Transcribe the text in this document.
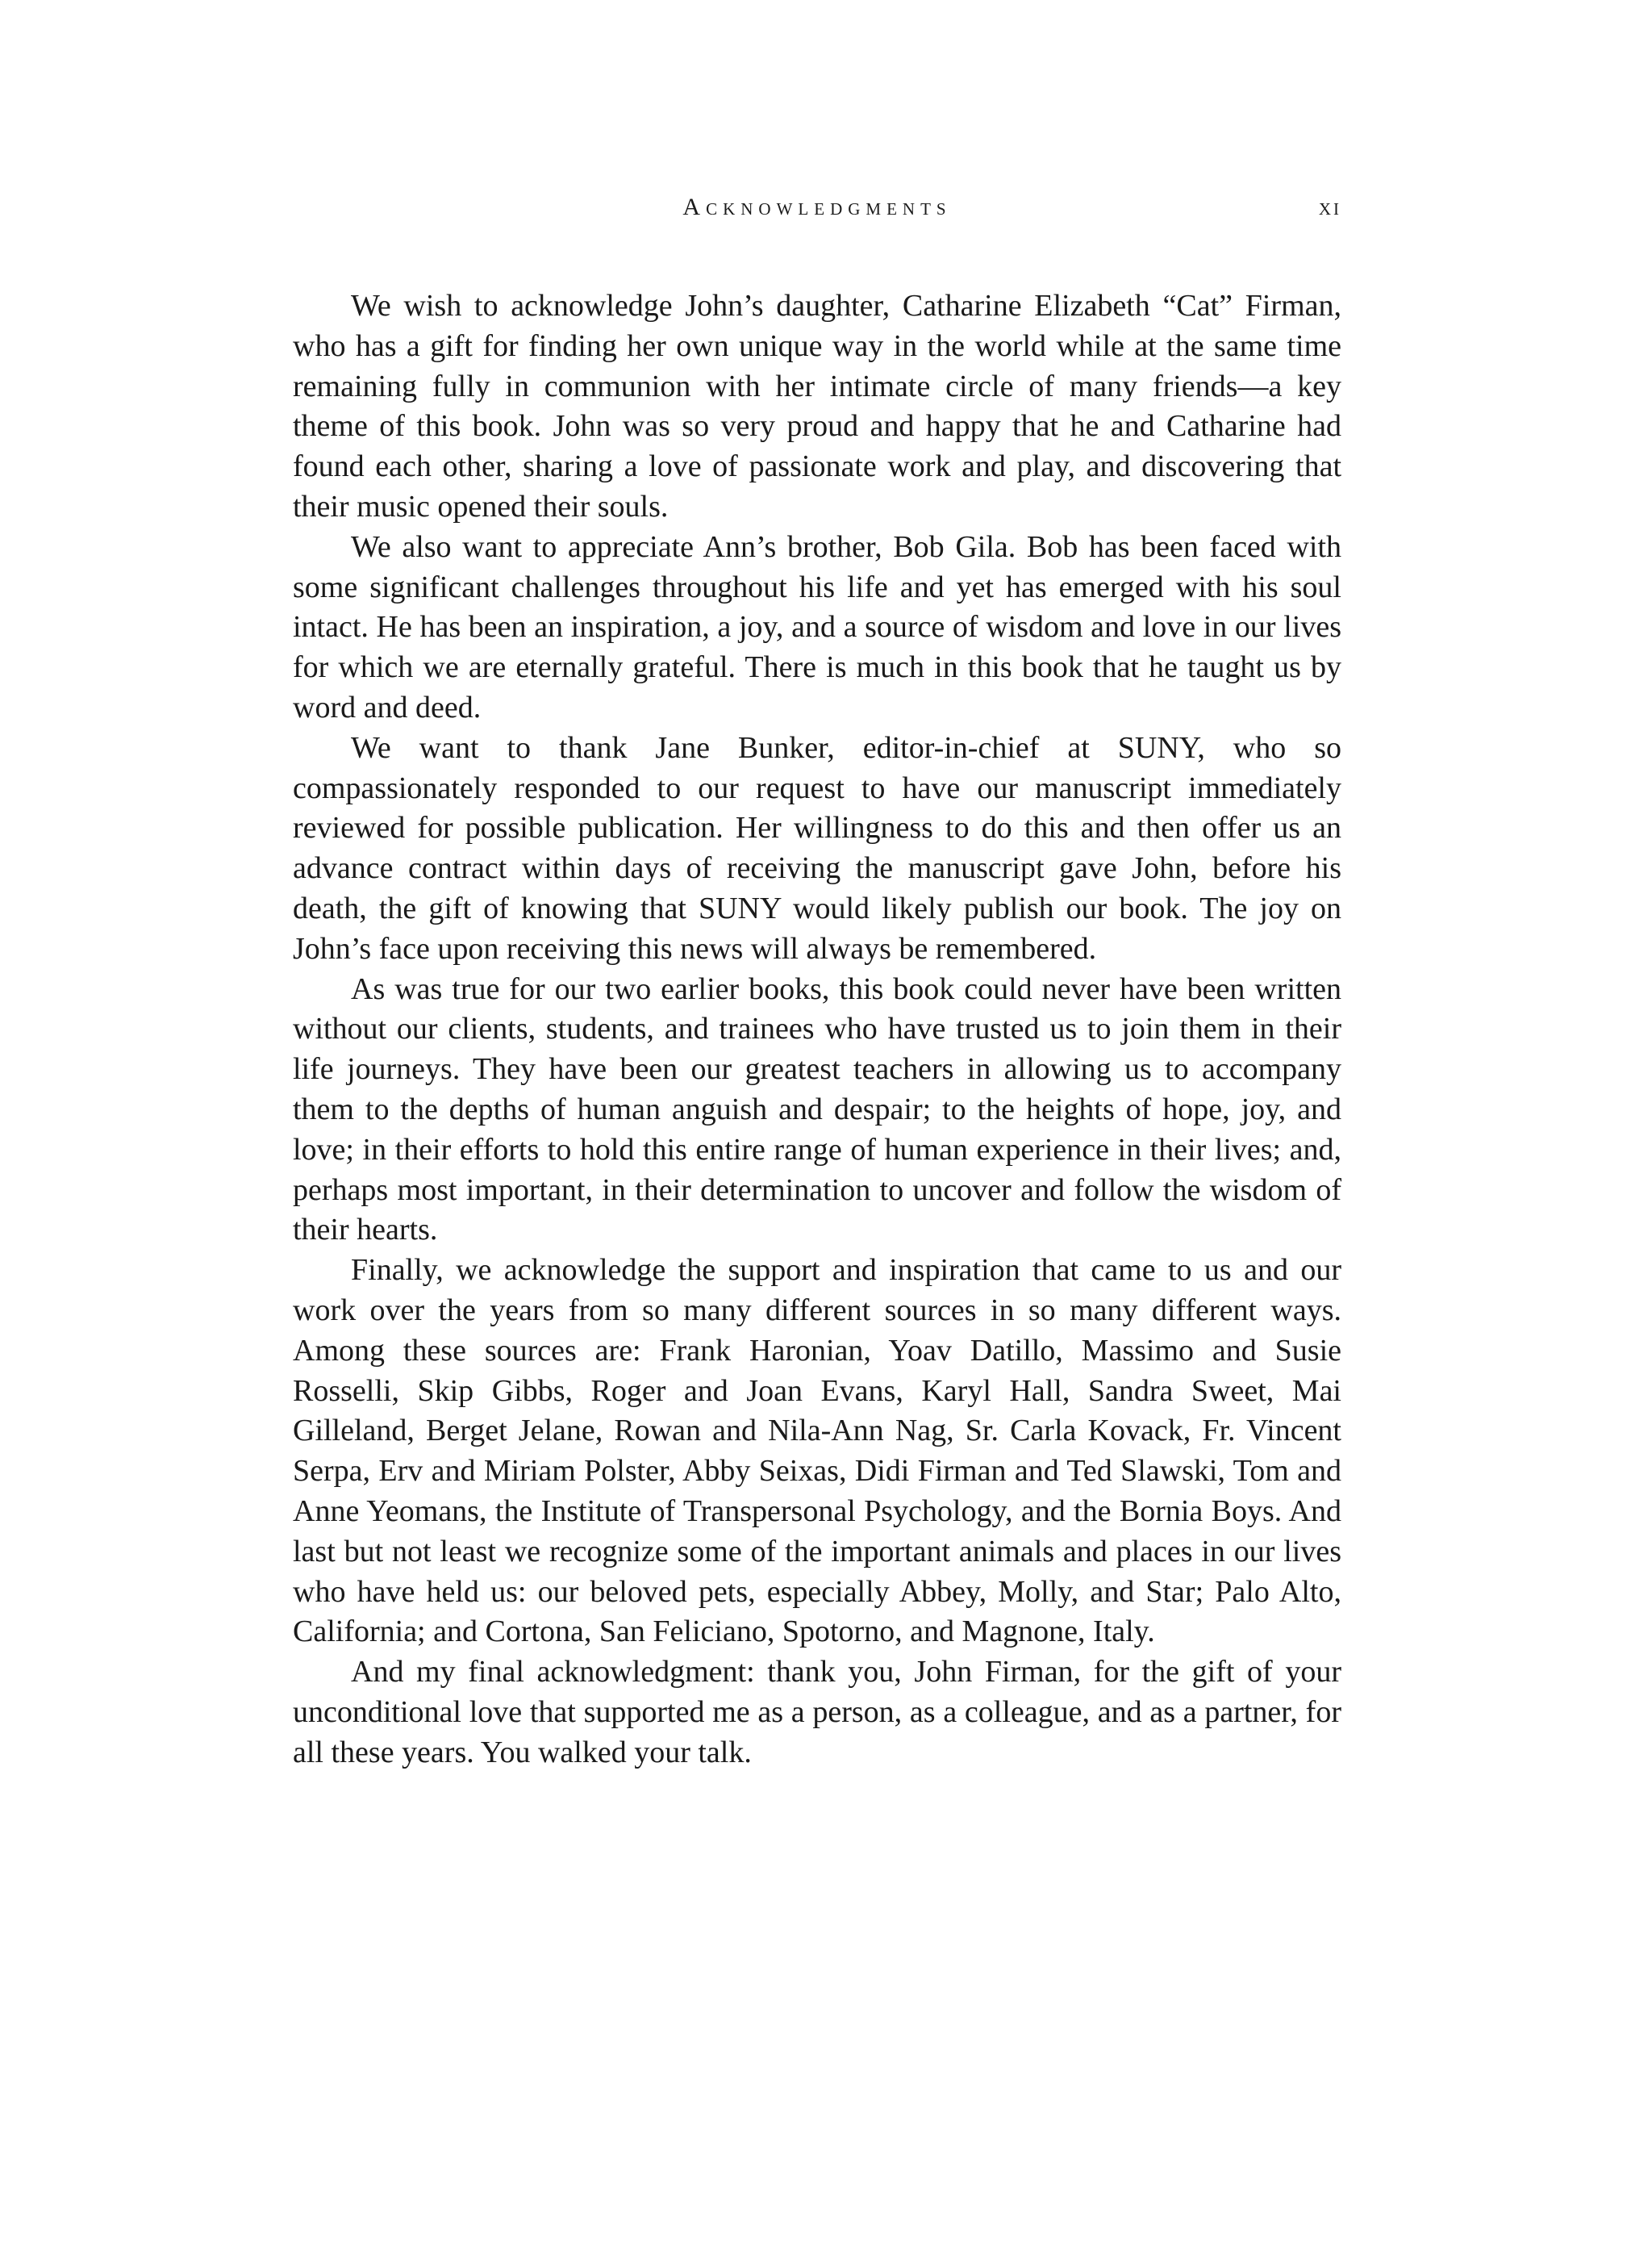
Acknowledgments	xi

We wish to acknowledge John’s daughter, Catharine Elizabeth “Cat” Firman, who has a gift for finding her own unique way in the world while at the same time remaining fully in communion with her intimate circle of many friends—a key theme of this book. John was so very proud and happy that he and Catharine had found each other, sharing a love of passionate work and play, and discovering that their music opened their souls.

We also want to appreciate Ann’s brother, Bob Gila. Bob has been faced with some significant challenges throughout his life and yet has emerged with his soul intact. He has been an inspiration, a joy, and a source of wisdom and love in our lives for which we are eternally grateful. There is much in this book that he taught us by word and deed.

We want to thank Jane Bunker, editor-in-chief at SUNY, who so compassionately responded to our request to have our manuscript immediately reviewed for possible publication. Her willingness to do this and then offer us an advance contract within days of receiving the manuscript gave John, before his death, the gift of knowing that SUNY would likely publish our book. The joy on John’s face upon receiving this news will always be remembered.

As was true for our two earlier books, this book could never have been written without our clients, students, and trainees who have trusted us to join them in their life journeys. They have been our greatest teachers in allowing us to accompany them to the depths of human anguish and despair; to the heights of hope, joy, and love; in their efforts to hold this entire range of human experience in their lives; and, perhaps most important, in their determination to uncover and follow the wisdom of their hearts.

Finally, we acknowledge the support and inspiration that came to us and our work over the years from so many different sources in so many different ways. Among these sources are: Frank Haronian, Yoav Datillo, Massimo and Susie Rosselli, Skip Gibbs, Roger and Joan Evans, Karyl Hall, Sandra Sweet, Mai Gilleland, Berget Jelane, Rowan and Nila-Ann Nag, Sr. Carla Kovack, Fr. Vincent Serpa, Erv and Miriam Polster, Abby Seixas, Didi Firman and Ted Slawski, Tom and Anne Yeomans, the Institute of Transpersonal Psychology, and the Bornia Boys. And last but not least we recognize some of the important animals and places in our lives who have held us: our beloved pets, especially Abbey, Molly, and Star; Palo Alto, California; and Cortona, San Feliciano, Spotorno, and Magnone, Italy.

And my final acknowledgment: thank you, John Firman, for the gift of your unconditional love that supported me as a person, as a colleague, and as a partner, for all these years. You walked your talk.
